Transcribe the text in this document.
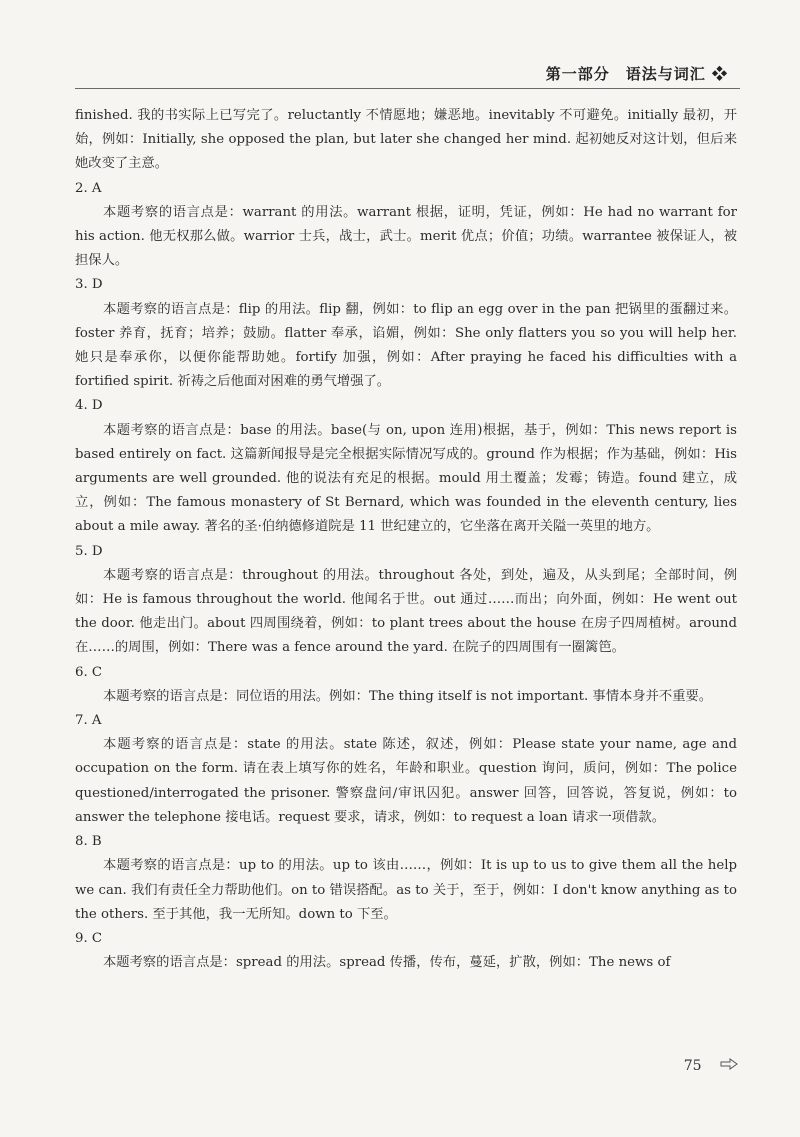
第一部分　语法与词汇 ❖

finished. 我的书实际上已写完了。reluctantly 不情愿地；嫌恶地。inevitably 不可避免。initially 最初，开始，例如：Initially, she opposed the plan, but later she changed her mind. 起初她反对这计划，但后来她改变了主意。

2. A

本题考察的语言点是：warrant 的用法。warrant 根据，证明，凭证，例如：He had no warrant for his action. 他无权那么做。warrior 士兵，战士，武士。merit 优点；价值；功绩。warrantee 被保证人，被担保人。

3. D

本题考察的语言点是：flip 的用法。flip 翻，例如：to flip an egg over in the pan 把锅里的蛋翻过来。foster 养育，抚育；培养；鼓励。flatter 奉承，谄媚，例如：She only flatters you so you will help her. 她只是奉承你，以便你能帮助她。fortify 加强，例如：After praying he faced his difficulties with a fortified spirit. 祈祷之后他面对困难的勇气增强了。

4. D

本题考察的语言点是：base 的用法。base(与 on, upon 连用)根据，基于，例如：This news report is based entirely on fact. 这篇新闻报导是完全根据实际情况写成的。ground 作为根据；作为基础，例如：His arguments are well grounded. 他的说法有充足的根据。mould 用土覆盖；发霉；铸造。found 建立，成立，例如：The famous monastery of St Bernard, which was founded in the eleventh century, lies about a mile away. 著名的圣·伯纳德修道院是 11 世纪建立的，它坐落在离开关隘一英里的地方。

5. D

本题考察的语言点是：throughout 的用法。throughout 各处，到处，遍及，从头到尾；全部时间，例如：He is famous throughout the world. 他闻名于世。out 通过……而出；向外面，例如：He went out the door. 他走出门。about 四周围绕着，例如：to plant trees about the house 在房子四周植树。around 在……的周围，例如：There was a fence around the yard. 在院子的四周围有一圈篱笆。

6. C

本题考察的语言点是：同位语的用法。例如：The thing itself is not important. 事情本身并不重要。

7. A

本题考察的语言点是：state 的用法。state 陈述，叙述，例如：Please state your name, age and occupation on the form. 请在表上填写你的姓名，年龄和职业。question 询问，质问，例如：The police questioned/interrogated the prisoner. 警察盘问/审讯囚犯。answer 回答，回答说，答复说，例如：to answer the telephone 接电话。request 要求，请求，例如：to request a loan 请求一项借款。

8. B

本题考察的语言点是：up to 的用法。up to 该由……，例如：It is up to us to give them all the help we can. 我们有责任全力帮助他们。on to 错误搭配。as to 关于，至于，例如：I don't know anything as to the others. 至于其他，我一无所知。down to 下至。

9. C

本题考察的语言点是：spread 的用法。spread 传播，传布，蔓延，扩散，例如：The news of

75
